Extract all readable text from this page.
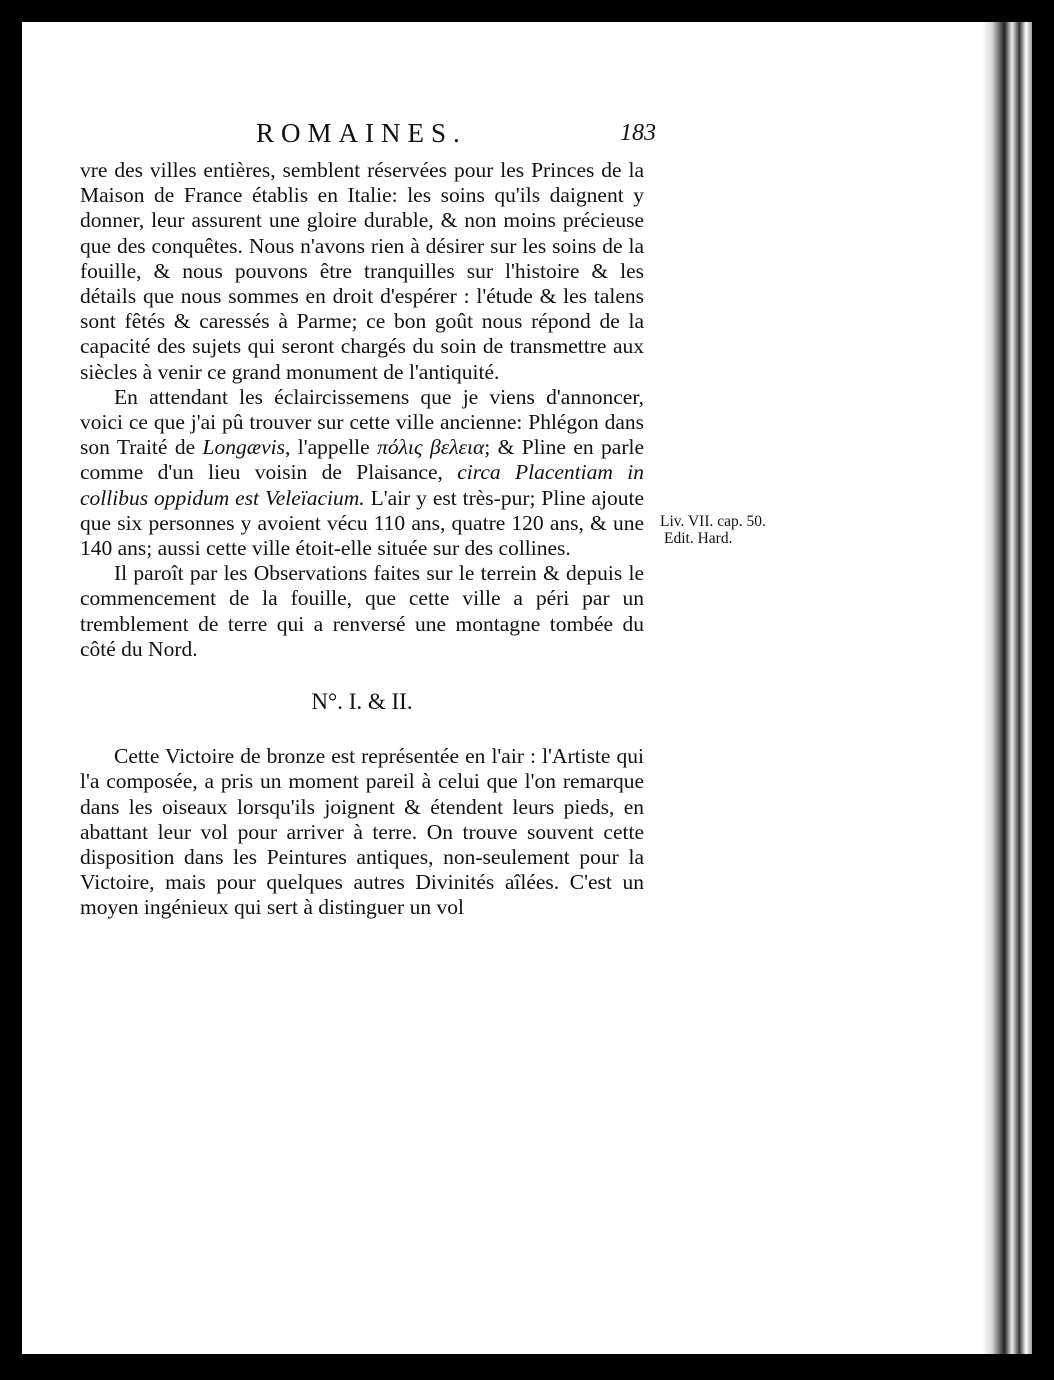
ROMAINES.	183

vre des villes entières, semblent réservées pour les Princes de la Maison de France établis en Italie: les soins qu'ils daignent y donner, leur assurent une gloire durable, & non moins précieuse que des conquêtes. Nous n'avons rien à désirer sur les soins de la fouille, & nous pouvons être tranquilles sur l'histoire & les détails que nous sommes en droit d'espérer : l'étude & les talens sont fêtés & caressés à Parme; ce bon goût nous répond de la capacité des sujets qui seront chargés du soin de transmettre aux siècles à venir ce grand monument de l'antiquité.

En attendant les éclaircissemens que je viens d'annoncer, voici ce que j'ai pû trouver sur cette ville ancienne: Phlégon dans son Traité de Longævis, l'appelle πόλις βελεια; & Pline en parle comme d'un lieu voisin de Plaisance, circa Placentiam in collibus oppidum est Veleïacium. L'air y est très-pur; Pline ajoute que six personnes y avoient vécu 110 ans, quatre 120 ans, & une 140 ans; aussi cette ville étoit-elle située sur des collines.

Il paroît par les Observations faites sur le terrein & depuis le commencement de la fouille, que cette ville a péri par un tremblement de terre qui a renversé une montagne tombée du côté du Nord.

N°. I. & II.

Cette Victoire de bronze est représentée en l'air : l'Artiste qui l'a composée, a pris un moment pareil à celui que l'on remarque dans les oiseaux lorsqu'ils joignent & étendent leurs pieds, en abattant leur vol pour arriver à terre. On trouve souvent cette disposition dans les Peintures antiques, non-seulement pour la Victoire, mais pour quelques autres Divinités aîlées. C'est un moyen ingénieux qui sert à distinguer un vol

Liv. VII. cap. 50.
Edit. Hard.
